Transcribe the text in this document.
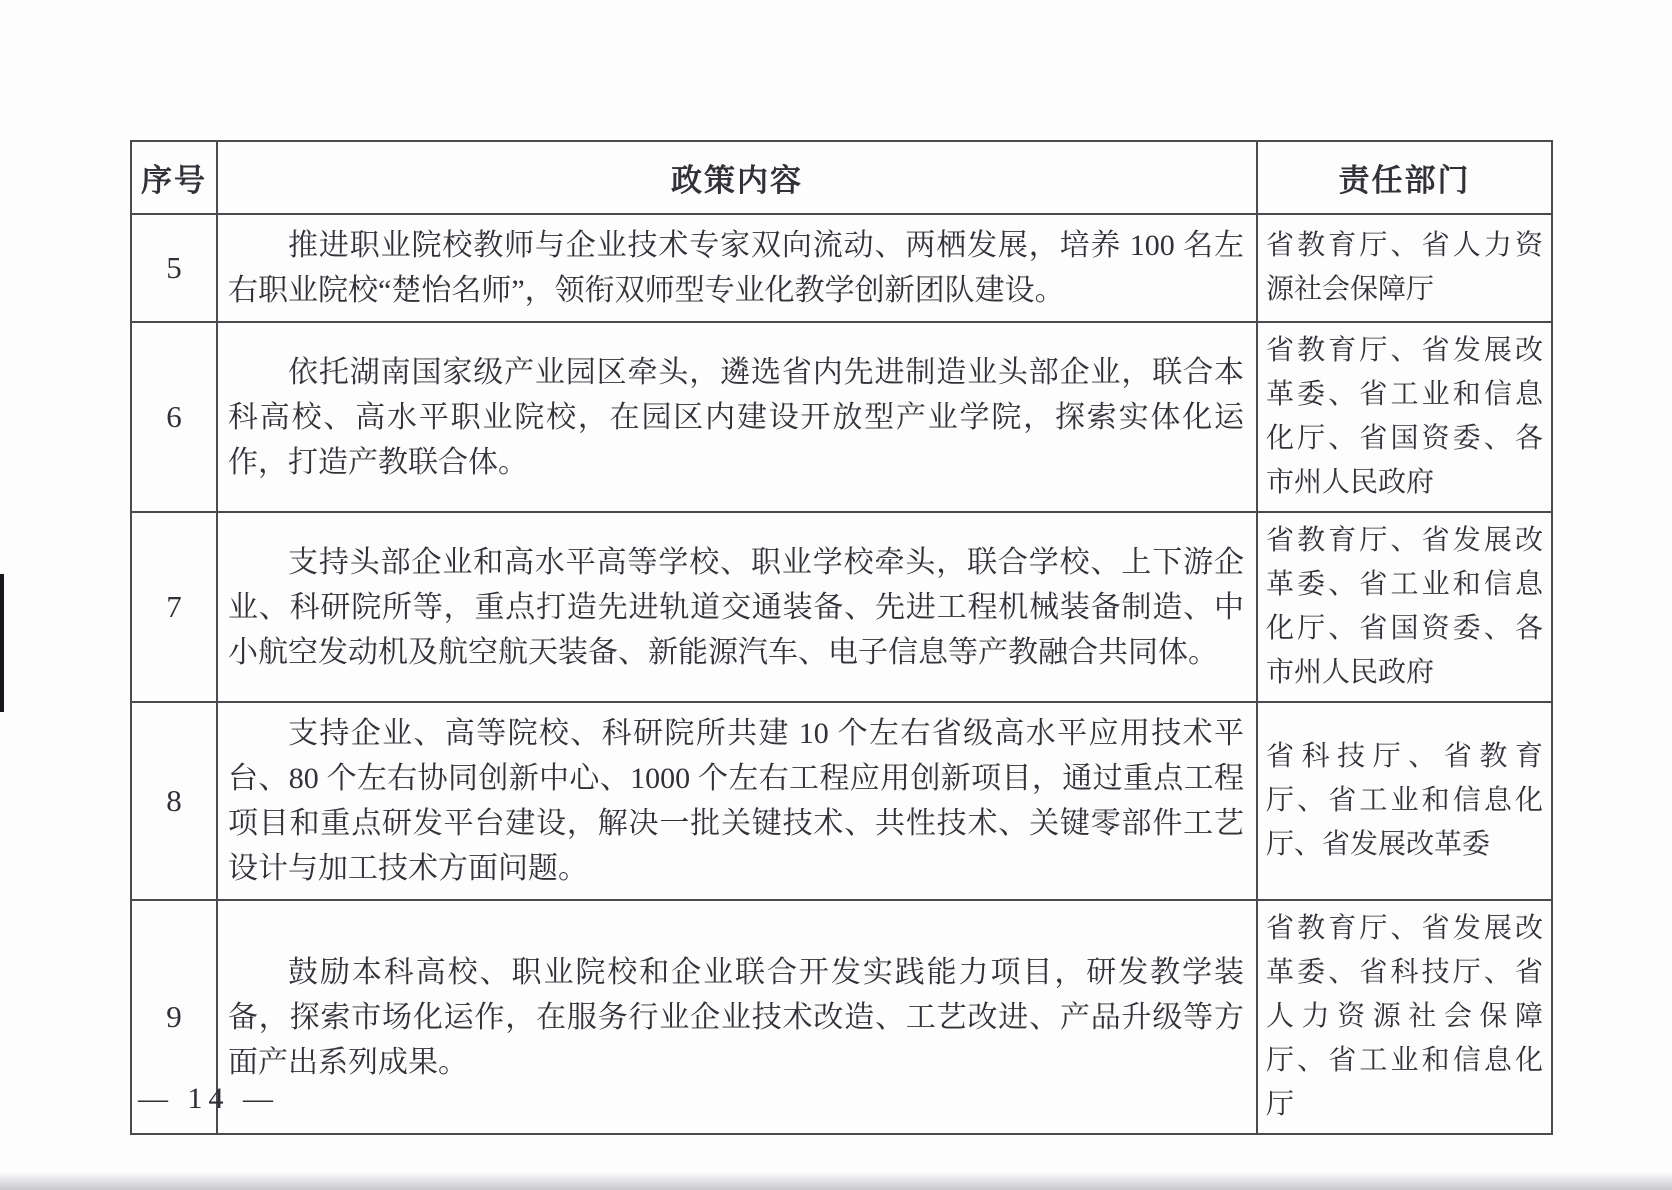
序号	政策内容	责任部门
5	推进职业院校教师与企业技术专家双向流动、两栖发展，培养 100 名左右职业院校“楚怡名师”，领衔双师型专业化教学创新团队建设。	省教育厅、省人力资源社会保障厅
6	依托湖南国家级产业园区牵头，遴选省内先进制造业头部企业，联合本科高校、高水平职业院校，在园区内建设开放型产业学院，探索实体化运作，打造产教联合体。	省教育厅、省发展改革委、省工业和信息化厅、省国资委、各市州人民政府
7	支持头部企业和高水平高等学校、职业学校牵头，联合学校、上下游企业、科研院所等，重点打造先进轨道交通装备、先进工程机械装备制造、中小航空发动机及航空航天装备、新能源汽车、电子信息等产教融合共同体。	省教育厅、省发展改革委、省工业和信息化厅、省国资委、各市州人民政府
8	支持企业、高等院校、科研院所共建 10 个左右省级高水平应用技术平台、80 个左右协同创新中心、1000 个左右工程应用创新项目，通过重点工程项目和重点研发平台建设，解决一批关键技术、共性技术、关键零部件工艺设计与加工技术方面问题。	省科技厅、省教育厅、省工业和信息化厅、省发展改革委
9	鼓励本科高校、职业院校和企业联合开发实践能力项目，研发教学装备，探索市场化运作，在服务行业企业技术改造、工艺改进、产品升级等方面产出系列成果。	省教育厅、省发展改革委、省科技厅、省人力资源社会保障厅、省工业和信息化厅
— 14 —
